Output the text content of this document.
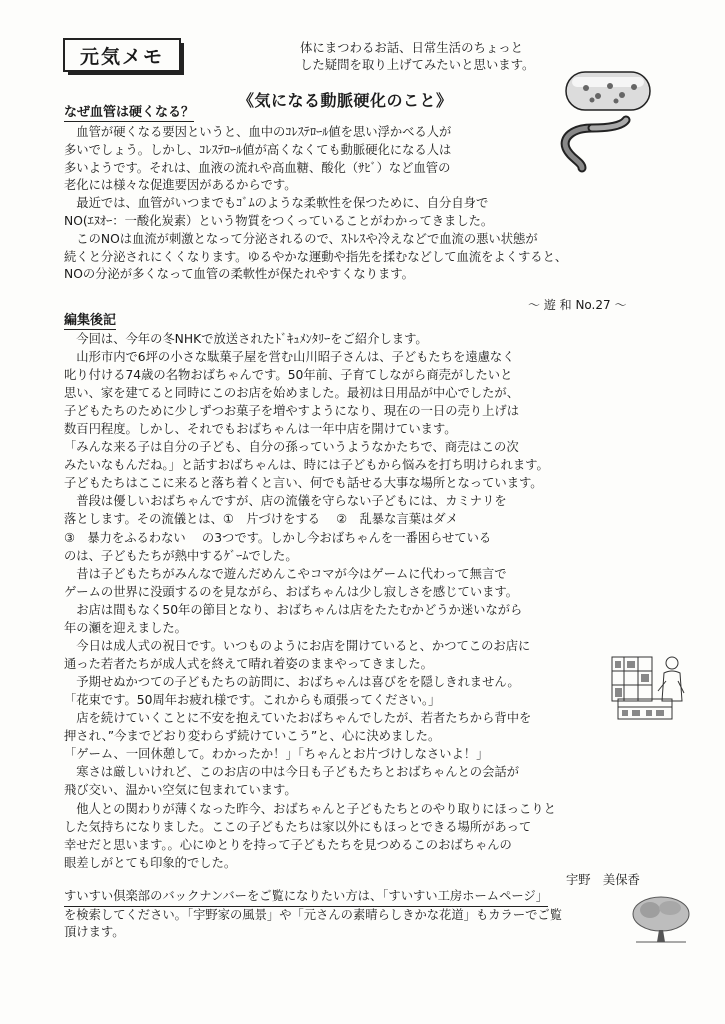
元気メモ	体にまつわるお話、日常生活のちょっと
した疑問を取り上げてみたいと思います。
《気になる動脈硬化のこと》
なぜ血管は硬くなる？
　血管が硬くなる要因というと、血中のｺﾚｽﾃﾛｰﾙ値を思い浮かべる人が
多いでしょう。しかし、ｺﾚｽﾃﾛｰﾙ値が高くなくても動脈硬化になる人は
多いようです。それは、血液の流れや高血糖、酸化（ｻﾋﾞ）など血管の
老化には様々な促進要因があるからです。
　最近では、血管がいつまでもｺﾞﾑのような柔軟性を保つために、自分自身で
NO(ｴﾇｵｰ：一酸化炭素）という物質をつくっていることがわかってきました。
　このNOは血流が刺激となって分泌されるので、ｽﾄﾚｽや冷えなどで血流の悪い状態が
続くと分泌されにくくなります。ゆるやかな運動や指先を揉むなどして血流をよくすると、
NOの分泌が多くなって血管の柔軟性が保たれやすくなります。
～ 遊 和 No.27 ～
編集後記
　今回は、今年の冬NHKで放送されたﾄﾞｷｭﾒﾝﾀﾘｰをご紹介します。
　山形市内で6坪の小さな駄菓子屋を営む山川昭子さんは、子どもたちを遠慮なく
叱り付ける74歳の名物おばちゃんです。50年前、子育てしながら商売がしたいと
思い、家を建てると同時にこのお店を始めました。最初は日用品が中心でしたが、
子どもたちのために少しずつお菓子を増やすようになり、現在の一日の売り上げは
数百円程度。しかし、それでもおばちゃんは一年中店を開けています。
「みんな来る子は自分の子ども、自分の孫っていうようなかたちで、商売はこの次
みたいなもんだね。」と話すおばちゃんは、時には子どもから悩みを打ち明けられます。
子どもたちはここに来ると落ち着くと言い、何でも話せる大事な場所となっています。
　普段は優しいおばちゃんですが、店の流儀を守らない子どもには、カミナリを
落とします。その流儀とは、①　片づけをする　 ②　乱暴な言葉はダメ
③　暴力をふるわない　 の3つです。しかし今おばちゃんを一番困らせている
のは、子どもたちが熱中するｹﾞｰﾑでした。
　昔は子どもたちがみんなで遊んだめんこやコマが今はゲームに代わって無言で
ゲームの世界に没頭するのを見ながら、おばちゃんは少し寂しさを感じています。
　お店は間もなく50年の節目となり、おばちゃんは店をたたむかどうか迷いながら
年の瀬を迎えました。
　今日は成人式の祝日です。いつものようにお店を開けていると、かつてこのお店に
通った若者たちが成人式を終えて晴れ着姿のままやってきました。
　予期せぬかつての子どもたちの訪問に、おばちゃんは喜びをを隠しきれません。
「花束です。50周年お疲れ様です。これからも頑張ってください。」
　店を続けていくことに不安を抱えていたおばちゃんでしたが、若者たちから背中を
押され、”今までどおり変わらず続けていこう”と、心に決めました。
「ゲーム、一回休憩して。わかったか！」「ちゃんとお片づけしなさいよ！」
　寒さは厳しいけれど、このお店の中は今日も子どもたちとおばちゃんとの会話が
飛び交い、温かい空気に包まれています。
　他人との関わりが薄くなった昨今、おばちゃんと子どもたちとのやり取りにほっこりと
した気持ちになりました。ここの子どもたちは家以外にもほっとできる場所があって
幸せだと思います。。心にゆとりを持って子どもたちを見つめるこのおばちゃんの
眼差しがとても印象的でした。
宇野　美保香
すいすい倶楽部のバックナンバーをご覧になりたい方は、「すいすい工房ホームページ」
を検索してください。「宇野家の風景」や「元さんの素晴らしきかな花道」もカラーでご覧
頂けます。
